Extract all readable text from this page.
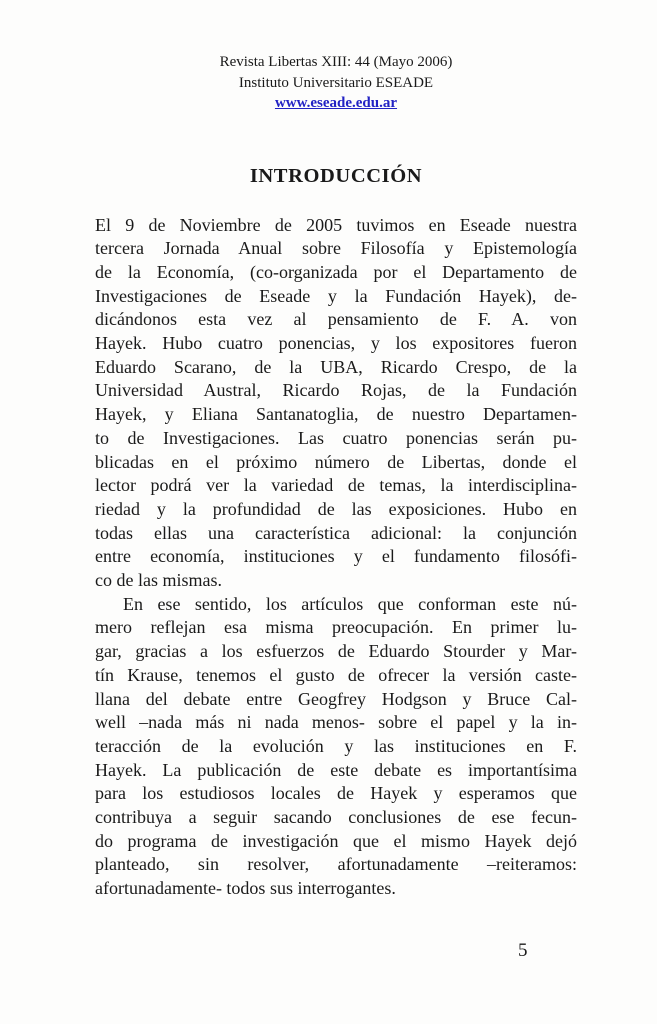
Revista Libertas XIII: 44 (Mayo 2006)
Instituto Universitario ESEADE
www.eseade.edu.ar
INTRODUCCIÓN
El 9 de Noviembre de 2005 tuvimos en Eseade nuestra
tercera Jornada Anual sobre Filosofía y Epistemología
de la Economía, (co-organizada por el Departamento de
Investigaciones de Eseade y la Fundación Hayek), de-
dicándonos esta vez al pensamiento de F. A. von
Hayek. Hubo cuatro ponencias, y los expositores fueron
Eduardo Scarano, de la UBA, Ricardo Crespo, de la
Universidad Austral, Ricardo Rojas, de la Fundación
Hayek, y Eliana Santanatoglia, de nuestro Departamen-
to de Investigaciones. Las cuatro ponencias serán pu-
blicadas en el próximo número de Libertas, donde el
lector podrá ver la variedad de temas, la interdisciplina-
riedad y la profundidad de las exposiciones. Hubo en
todas ellas una característica adicional: la conjunción
entre economía, instituciones y el fundamento filosófi-
co de las mismas.
En ese sentido, los artículos que conforman este nú-
mero reflejan esa misma preocupación. En primer lu-
gar, gracias a los esfuerzos de Eduardo Stourder y Mar-
tín Krause, tenemos el gusto de ofrecer la versión caste-
llana del debate entre Geogfrey Hodgson y Bruce Cal-
well –nada más ni nada menos- sobre el papel y la in-
teracción de la evolución y las instituciones en F.
Hayek. La publicación de este debate es importantísima
para los estudiosos locales de Hayek y esperamos que
contribuya a seguir sacando conclusiones de ese fecun-
do programa de investigación que el mismo Hayek dejó
planteado, sin resolver, afortunadamente –reiteramos:
afortunadamente- todos sus interrogantes.
5
